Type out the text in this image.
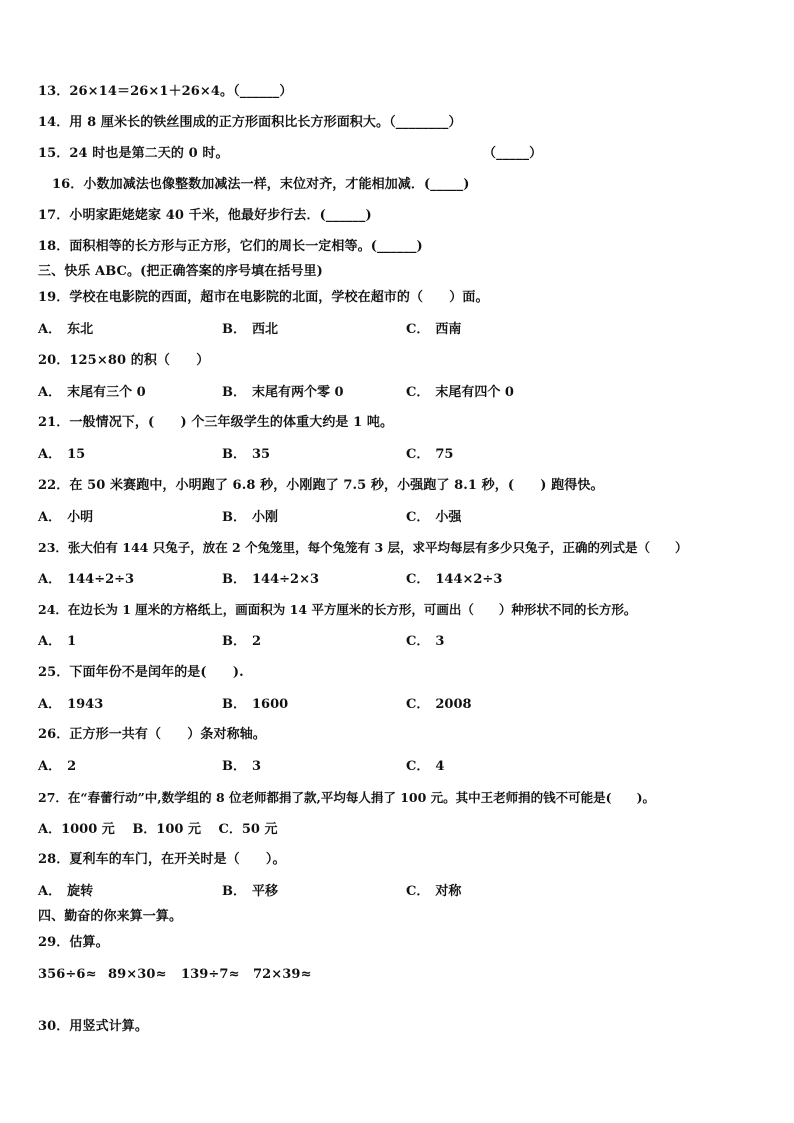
13．26×14＝26×1＋26×4。（______）
14．用 8 厘米长的铁丝围成的正方形面积比长方形面积大。（________）
15．24 时也是第二天的 0 时。	（_____）
16．小数加减法也像整数加减法一样，末位对齐，才能相加减．(_____)
17．小明家距姥姥家 40 千米，他最好步行去．(______)
18．面积相等的长方形与正方形，它们的周长一定相等。(______)
三、快乐 ABC。(把正确答案的序号填在括号里)
19．学校在电影院的西面，超市在电影院的北面，学校在超市的（　　）面。
A． 东北	B． 西北	C． 西南
20．125×80 的积（　　）
A． 末尾有三个 0	B． 末尾有两个零 0	C． 末尾有四个 0
21．一般情况下，(　　) 个三年级学生的体重大约是 1 吨。
A． 15	B． 35	C． 75
22．在 50 米赛跑中，小明跑了 6.8 秒，小刚跑了 7.5 秒，小强跑了 8.1 秒，(　　) 跑得快。
A． 小明	B． 小刚	C． 小强
23．张大伯有 144 只兔子，放在 2 个兔笼里，每个兔笼有 3 层，求平均每层有多少只兔子，正确的列式是（　　）
A． 144÷2÷3	B． 144÷2×3	C． 144×2÷3
24．在边长为 1 厘米的方格纸上，画面积为 14 平方厘米的长方形，可画出（　　）种形状不同的长方形。
A． 1	B． 2	C． 3
25．下面年份不是闰年的是(　　).
A． 1943	B． 1600	C． 2008
26．正方形一共有（　　）条对称轴。
A． 2	B． 3	C． 4
27．在“春蕾行动”中,数学组的 8 位老师都捐了款,平均每人捐了 100 元。其中王老师捐的钱不可能是(　　)。
A．1000 元　 B．100 元　 C．50 元
28．夏利车的车门，在开关时是（　　）。
A． 旋转	B． 平移	C． 对称
四、勤奋的你来算一算。
29．估算。
356÷6≈ 89×30≈ 139÷7≈ 72×39≈
30．用竖式计算。
